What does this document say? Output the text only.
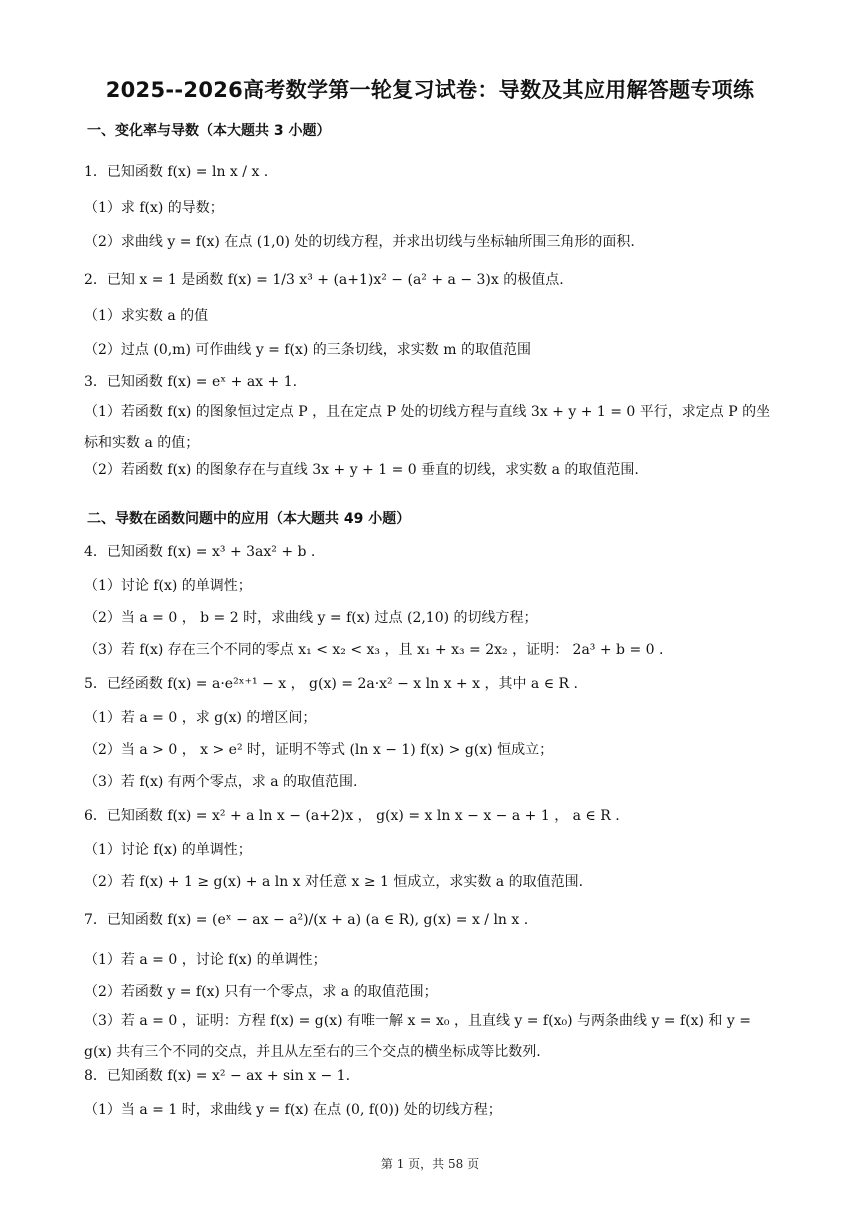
2025--2026高考数学第一轮复习试卷：导数及其应用解答题专项练
一、变化率与导数（本大题共 3 小题）
1．已知函数 f(x) = ln x / x .
（1）求 f(x) 的导数；
（2）求曲线 y = f(x) 在点 (1,0) 处的切线方程，并求出切线与坐标轴所围三角形的面积.
2．已知 x = 1 是函数 f(x) = 1/3 x³ + (a+1)x² − (a² + a − 3)x 的极值点.
（1）求实数 a 的值
（2）过点 (0,m) 可作曲线 y = f(x) 的三条切线，求实数 m 的取值范围
3．已知函数 f(x) = eˣ + ax + 1.
（1）若函数 f(x) 的图象恒过定点 P ，且在定点 P 处的切线方程与直线 3x + y + 1 = 0 平行，求定点 P 的坐标和实数 a 的值；
（2）若函数 f(x) 的图象存在与直线 3x + y + 1 = 0 垂直的切线，求实数 a 的取值范围.
二、导数在函数问题中的应用（本大题共 49 小题）
4．已知函数 f(x) = x³ + 3ax² + b .
（1）讨论 f(x) 的单调性；
（2）当 a = 0 ， b = 2 时，求曲线 y = f(x) 过点 (2,10) 的切线方程；
（3）若 f(x) 存在三个不同的零点 x₁ < x₂ < x₃ ，且 x₁ + x₃ = 2x₂ ，证明： 2a³ + b = 0 .
5．已经函数 f(x) = a·e²ˣ⁺¹ − x ， g(x) = 2a·x² − x ln x + x ，其中 a ∈ R .
（1）若 a = 0 ，求 g(x) 的增区间；
（2）当 a > 0 ， x > e² 时，证明不等式 (ln x − 1) f(x) > g(x) 恒成立；
（3）若 f(x) 有两个零点，求 a 的取值范围.
6．已知函数 f(x) = x² + a ln x − (a+2)x ， g(x) = x ln x − x − a + 1 ， a ∈ R .
（1）讨论 f(x) 的单调性；
（2）若 f(x) + 1 ≥ g(x) + a ln x 对任意 x ≥ 1 恒成立，求实数 a 的取值范围.
7．已知函数 f(x) = (eˣ − ax − a²)/(x + a) (a ∈ R), g(x) = x / ln x .
（1）若 a = 0 ，讨论 f(x) 的单调性；
（2）若函数 y = f(x) 只有一个零点，求 a 的取值范围；
（3）若 a = 0 ，证明：方程 f(x) = g(x) 有唯一解 x = x₀ ，且直线 y = f(x₀) 与两条曲线 y = f(x) 和 y = g(x) 共有三个不同的交点，并且从左至右的三个交点的横坐标成等比数列.
8．已知函数 f(x) = x² − ax + sin x − 1.
（1）当 a = 1 时，求曲线 y = f(x) 在点 (0, f(0)) 处的切线方程；
第 1 页，共 58 页
